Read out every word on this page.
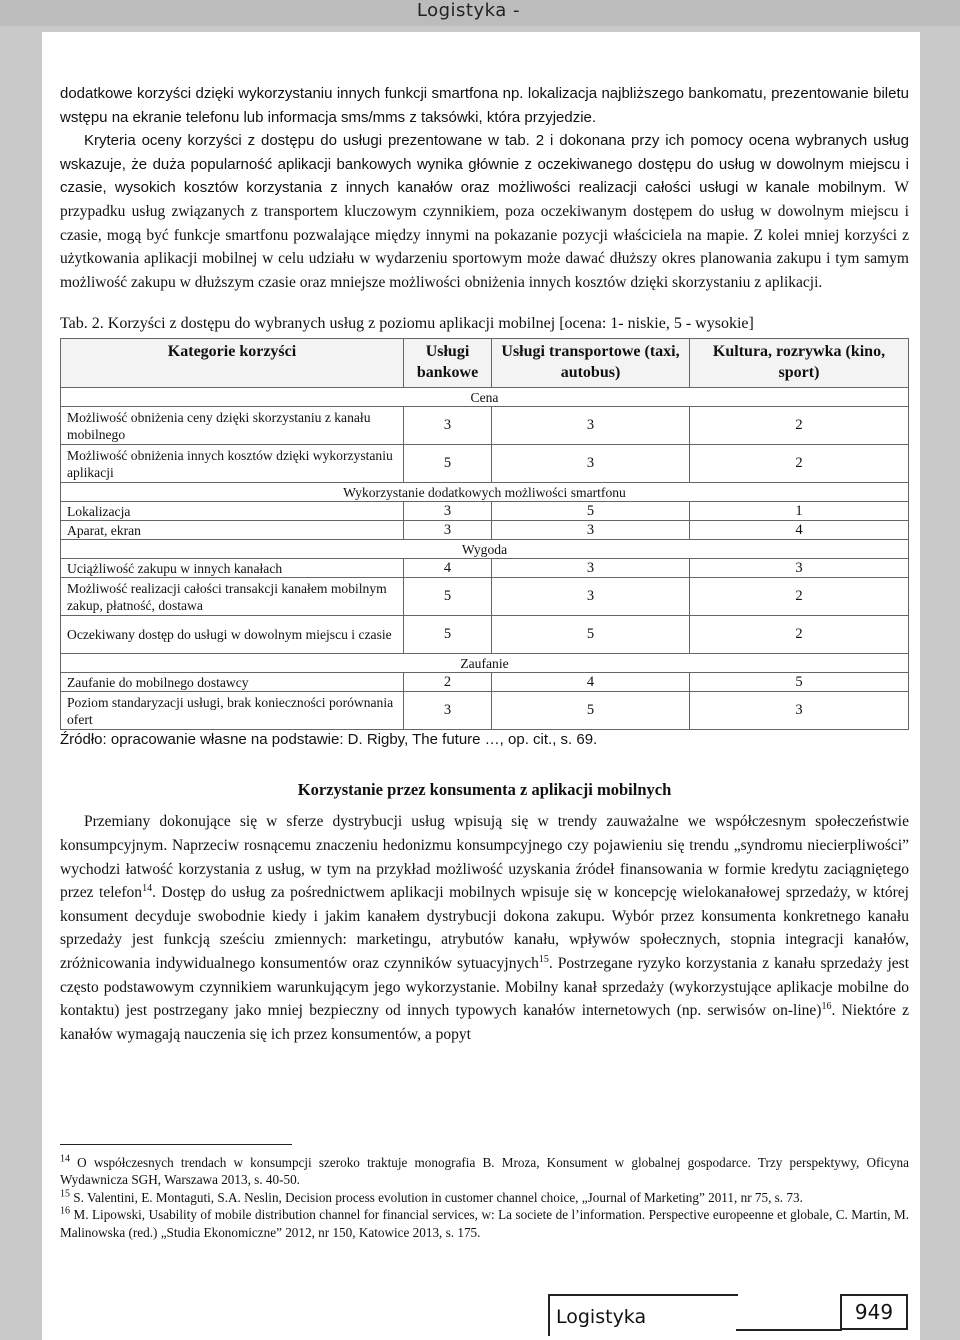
Logistyka -

dodatkowe korzyści dzięki wykorzystaniu innych funkcji smartfona np. lokalizacja najbliższego bankomatu, prezentowanie biletu wstępu na ekranie telefonu lub informacja sms/mms z taksówki, która przyjedzie.

Kryteria oceny korzyści z dostępu do usługi prezentowane w tab. 2 i dokonana przy ich pomocy ocena wybranych usług wskazuje, że duża popularność aplikacji bankowych wynika głównie z oczekiwanego dostępu do usług w dowolnym miejscu i czasie, wysokich kosztów korzystania z innych kanałów oraz możliwości realizacji całości usługi w kanale mobilnym. W przypadku usług związanych z transportem kluczowym czynnikiem, poza oczekiwanym dostępem do usług w dowolnym miejscu i czasie, mogą być funkcje smartfonu pozwalające między innymi na pokazanie pozycji właściciela na mapie. Z kolei mniej korzyści z użytkowania aplikacji mobilnej w celu udziału w wydarzeniu sportowym może dawać dłuższy okres planowania zakupu i tym samym możliwość zakupu w dłuższym czasie oraz mniejsze możliwości obniżenia innych kosztów dzięki skorzystaniu z aplikacji.

Tab. 2. Korzyści z dostępu do wybranych usług z poziomu aplikacji mobilnej [ocena: 1- niskie, 5 - wysokie]
Kategorie korzyści	Usługi bankowe	Usługi transportowe (taxi, autobus)	Kultura, rozrywka (kino, sport)
Cena			
Możliwość obniżenia ceny dzięki skorzystaniu z kanału mobilnego	3	3	2
Możliwość obniżenia innych kosztów dzięki wykorzystaniu aplikacji	5	3	2
Wykorzystanie dodatkowych możliwości smartfonu			
Lokalizacja	3	5	1
Aparat, ekran	3	3	4
Wygoda			
Uciążliwość zakupu w innych kanałach	4	3	3
Możliwość realizacji całości transakcji kanałem mobilnym zakup, płatność, dostawa	5	3	2
Oczekiwany dostęp do usługi w dowolnym miejscu i czasie	5	5	2
Zaufanie			
Zaufanie do mobilnego dostawcy	2	4	5
Poziom standaryzacji usługi, brak konieczności porównania ofert	3	5	3
Źródło: opracowanie własne na podstawie: D. Rigby, The future …, op. cit., s. 69.
Korzystanie przez konsumenta z aplikacji mobilnych

Przemiany dokonujące się w sferze dystrybucji usług wpisują się w trendy zauważalne we współczesnym społeczeństwie konsumpcyjnym. Naprzeciw rosnącemu znaczeniu hedonizmu konsumpcyjnego czy pojawieniu się trendu „syndromu niecierpliwości” wychodzi łatwość korzystania z usług, w tym na przykład możliwość uzyskania źródeł finansowania w formie kredytu zaciągniętego przez telefon$^{14}$. Dostęp do usług za pośrednictwem aplikacji mobilnych wpisuje się w koncepcję wielokanałowej sprzedaży, w której konsument decyduje swobodnie kiedy i jakim kanałem dystrybucji dokona zakupu. Wybór przez konsumenta konkretnego kanału sprzedaży jest funkcją sześciu zmiennych: marketingu, atrybutów kanału, wpływów społecznych, stopnia integracji kanałów, zróżnicowania indywidualnego konsumentów oraz czynników sytuacyjnych$^{15}$. Postrzegane ryzyko korzystania z kanału sprzedaży jest często podstawowym czynnikiem warunkującym jego wykorzystanie. Mobilny kanał sprzedaży (wykorzystujące aplikacje mobilne do kontaktu) jest postrzegany jako mniej bezpieczny od innych typowych kanałów internetowych (np. serwisów on-line)$^{16}$. Niektóre z kanałów wymagają nauczenia się ich przez konsumentów, a popyt

$^{14}$ O współczesnych trendach w konsumpcji szeroko traktuje monografia B. Mroza, Konsument w globalnej gospodarce. Trzy perspektywy, Oficyna Wydawnicza SGH, Warszawa 2013, s. 40-50.

$^{15}$ S. Valentini, E. Montaguti, S.A. Neslin, Decision process evolution in customer channel choice, „Journal of Marketing” 2011, nr 75, s. 73.

$^{16}$ M. Lipowski, Usability of mobile distribution channel for financial services, w: La societe de l’information. Perspective europeenne et globale, C. Martin, M. Malinowska (red.) „Studia Ekonomiczne” 2012, nr 150, Katowice 2013, s. 175.

Logistyka	949
